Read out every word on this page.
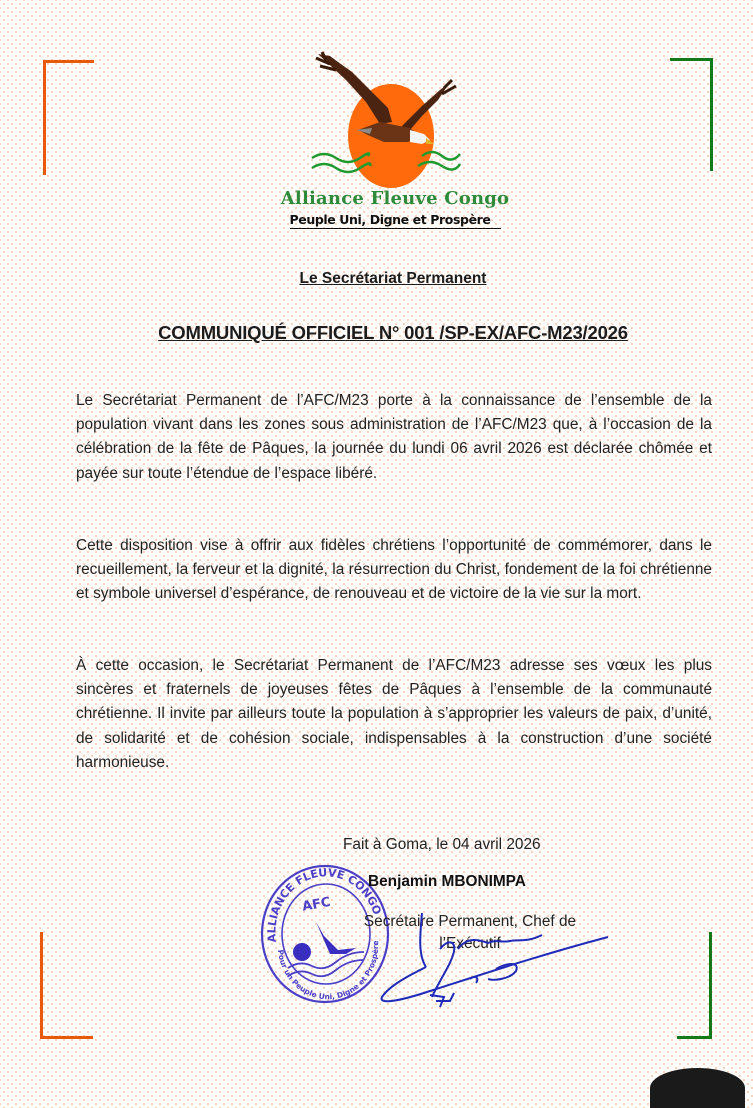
Alliance Fleuve Congo
Peuple Uni, Digne et Prospère
Le Secrétariat Permanent
COMMUNIQUÉ OFFICIEL N° 001 /SP-EX/AFC-M23/2026

Le Secrétariat Permanent de l’AFC/M23 porte à la connaissance de l’ensemble de la population vivant dans les zones sous administration de l’AFC/M23 que, à l’occasion de la célébration de la fête de Pâques, la journée du lundi 06 avril 2026 est déclarée chômée et payée sur toute l’étendue de l’espace libéré.

Cette disposition vise à offrir aux fidèles chrétiens l’opportunité de commémorer, dans le recueillement, la ferveur et la dignité, la résurrection du Christ, fondement de la foi chrétienne et symbole universel d’espérance, de renouveau et de victoire de la vie sur la mort.

À cette occasion, le Secrétariat Permanent de l’AFC/M23 adresse ses vœux les plus sincères et fraternels de joyeuses fêtes de Pâques à l’ensemble de la communauté chrétienne. Il invite par ailleurs toute la population à s’approprier les valeurs de paix, d’unité, de solidarité et de cohésion sociale, indispensables à la construction d’une société harmonieuse.

ALLIANCE FLEUVE CONGO
Pour un Peuple Uni, Digne et Prospère
AFC
Fait à Goma, le 04 avril 2026
Benjamin MBONIMPA
Secrétaire Permanent, Chef de
l’Exécutif
